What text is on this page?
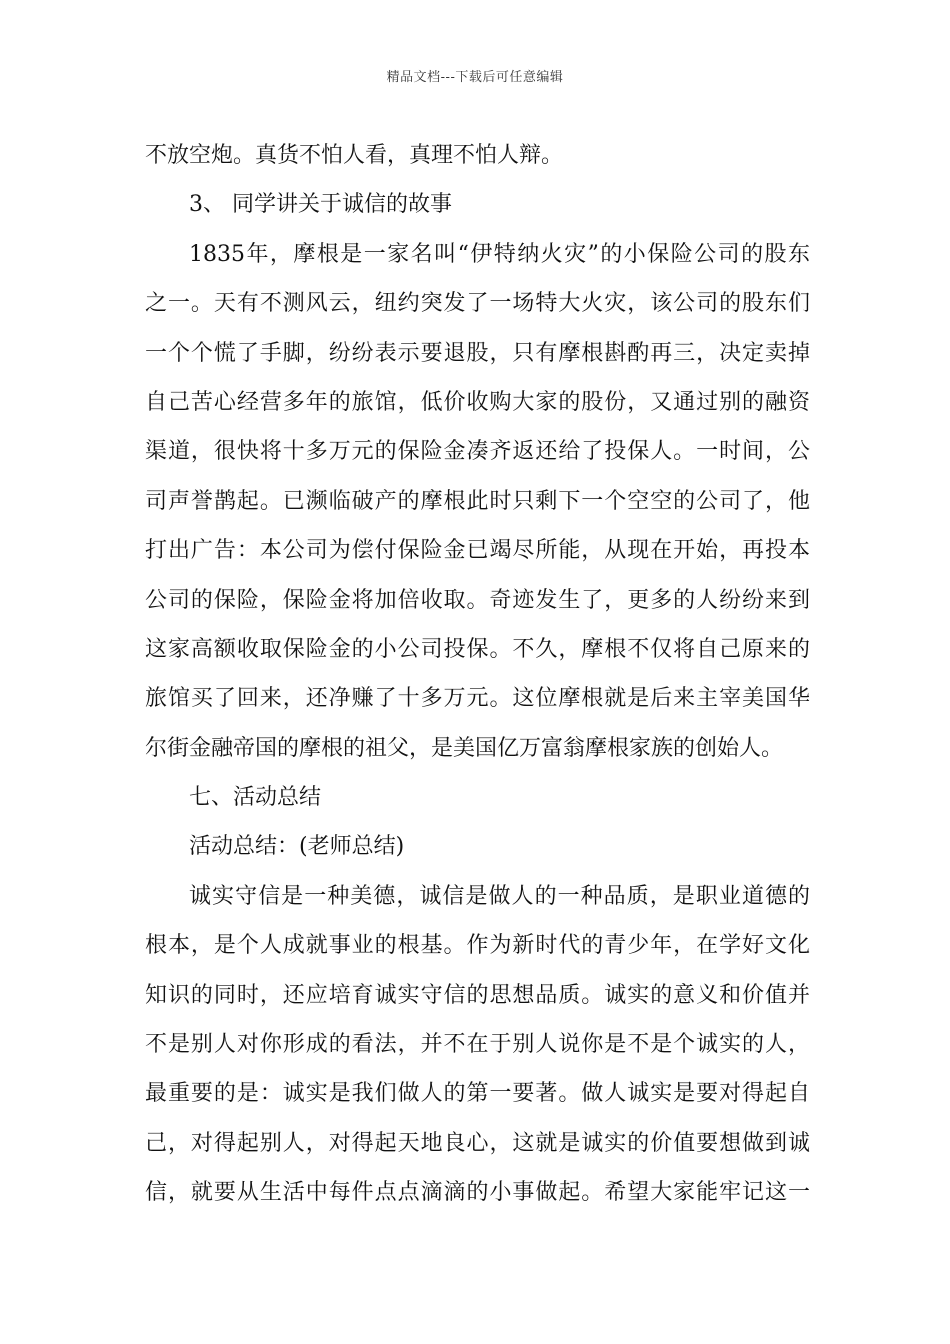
精品文档---下载后可任意编辑
不放空炮。真货不怕人看，真理不怕人辩。
3、 同学讲关于诚信的故事
1835年，摩根是一家名叫“伊特纳火灾”的小保险公司的股东
之一。天有不测风云，纽约突发了一场特大火灾，该公司的股东们
一个个慌了手脚，纷纷表示要退股，只有摩根斟酌再三，决定卖掉
自己苦心经营多年的旅馆，低价收购大家的股份，又通过别的融资
渠道，很快将十多万元的保险金凑齐返还给了投保人。一时间，公
司声誉鹊起。已濒临破产的摩根此时只剩下一个空空的公司了，他
打出广告：本公司为偿付保险金已竭尽所能，从现在开始，再投本
公司的保险，保险金将加倍收取。奇迹发生了，更多的人纷纷来到
这家高额收取保险金的小公司投保。不久，摩根不仅将自己原来的
旅馆买了回来，还净赚了十多万元。这位摩根就是后来主宰美国华
尔街金融帝国的摩根的祖父，是美国亿万富翁摩根家族的创始人。
七、活动总结
活动总结：(老师总结)
诚实守信是一种美德，诚信是做人的一种品质，是职业道德的
根本，是个人成就事业的根基。作为新时代的青少年，在学好文化
知识的同时，还应培育诚实守信的思想品质。诚实的意义和价值并
不是别人对你形成的看法，并不在于别人说你是不是个诚实的人，
最重要的是：诚实是我们做人的第一要著。做人诚实是要对得起自
己，对得起别人，对得起天地良心，这就是诚实的价值要想做到诚
信，就要从生活中每件点点滴滴的小事做起。希望大家能牢记这一
